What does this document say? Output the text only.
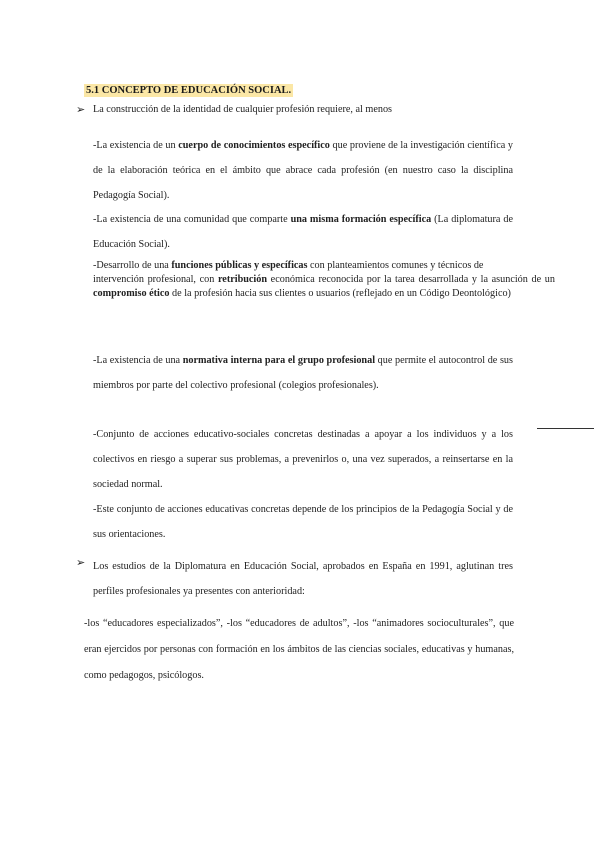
5.1 CONCEPTO DE EDUCACIÓN SOCIAL.
➢ La construcción de la identidad de cualquier profesión requiere, al menos
-La existencia de un cuerpo de conocimientos específico que proviene de la investigación científica y de la elaboración teórica en el ámbito que abrace cada profesión (en nuestro caso la disciplina Pedagogía Social).
-La existencia de una comunidad que comparte una misma formación específica (La diplomatura de Educación Social).
-Desarrollo de una funciones públicas y específicas con planteamientos comunes y técnicos de
intervención profesional, con retribución económica reconocida por la tarea desarrollada y la asunción de un compromiso ético de la profesión hacia sus clientes o usuarios (reflejado en un Código Deontológico)
-La existencia de una normativa interna para el grupo profesional que permite el autocontrol de sus miembros por parte del colectivo profesional (colegios profesionales).
-Conjunto de acciones educativo-sociales concretas destinadas a apoyar a los individuos y a los colectivos en riesgo a superar sus problemas, a prevenirlos o, una vez superados, a reinsertarse en la sociedad normal.
-Este conjunto de acciones educativas concretas depende de los principios de la Pedagogía Social y de sus orientaciones.
➢ Los estudios de la Diplomatura en Educación Social, aprobados en España en 1991, aglutinan tres perfiles profesionales ya presentes con anterioridad:
-los “educadores especializados”, -los “educadores de adultos”, -los “animadores socioculturales”, que eran ejercidos por personas con formación en los ámbitos de las ciencias sociales, educativas y humanas, como pedagogos, psicólogos.
